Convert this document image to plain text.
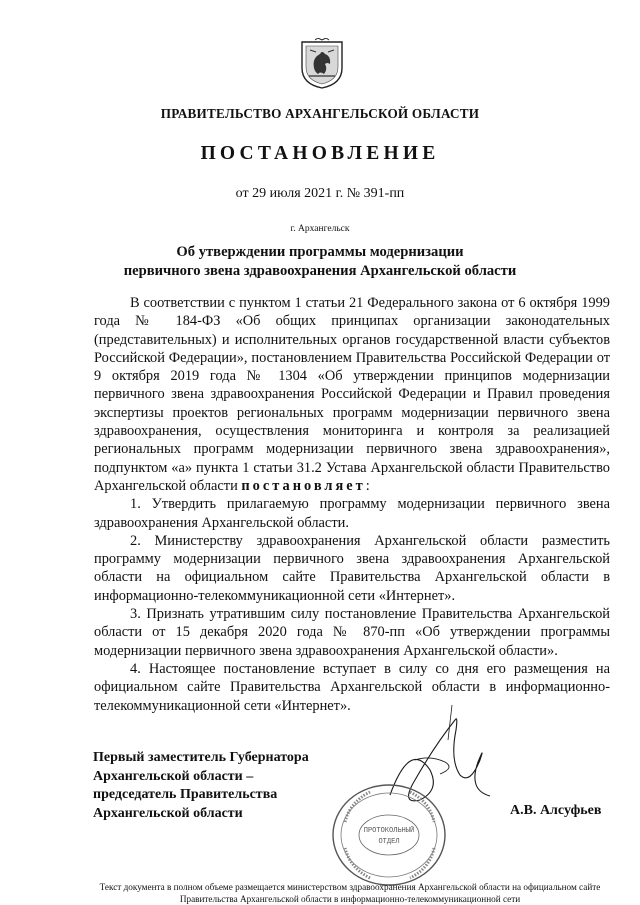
ПРАВИТЕЛЬСТВО АРХАНГЕЛЬСКОЙ ОБЛАСТИ
ПОСТАНОВЛЕНИЕ
от 29 июля 2021 г. № 391-пп
г. Архангельск
Об утверждении программы модернизации
первичного звена здравоохранения Архангельской области

В соответствии с пунктом 1 статьи 21 Федерального закона от 6 октября 1999 года № 184-ФЗ «Об общих принципах организации законодательных (представительных) и исполнительных органов государственной власти субъектов Российской Федерации», постановлением Правительства Российской Федерации от 9 октября 2019 года № 1304 «Об утверждении принципов модернизации первичного звена здравоохранения Российской Федерации и Правил проведения экспертизы проектов региональных программ модернизации первичного звена здравоохранения, осуществления мониторинга и контроля за реализацией региональных программ модернизации первичного звена здравоохранения», подпунктом «а» пункта 1 статьи 31.2 Устава Архангельской области Правительство Архангельской области постановляет:

1. Утвердить прилагаемую программу модернизации первичного звена здравоохранения Архангельской области.

2. Министерству здравоохранения Архангельской области разместить программу модернизации первичного звена здравоохранения Архангельской области на официальном сайте Правительства Архангельской области в информационно-телекоммуникационной сети «Интернет».

3. Признать утратившим силу постановление Правительства Архангельской области от 15 декабря 2020 года № 870-пп «Об утверждении программы модернизации первичного звена здравоохранения Архангельской области».

4. Настоящее постановление вступает в силу со дня его размещения на официальном сайте Правительства Архангельской области в информационно-телекоммуникационной сети «Интернет».

ПРОТОКОЛЬНЫЙ
ОТДЕЛ
Первый заместитель Губернатора
Архангельской области –
председатель Правительства
Архангельской области	А.В. Алсуфьев
Текст документа в полном объеме размещается министерством здравоохранения Архангельской области на официальном сайте Правительства Архангельской области в информационно-телекоммуникационной сети
